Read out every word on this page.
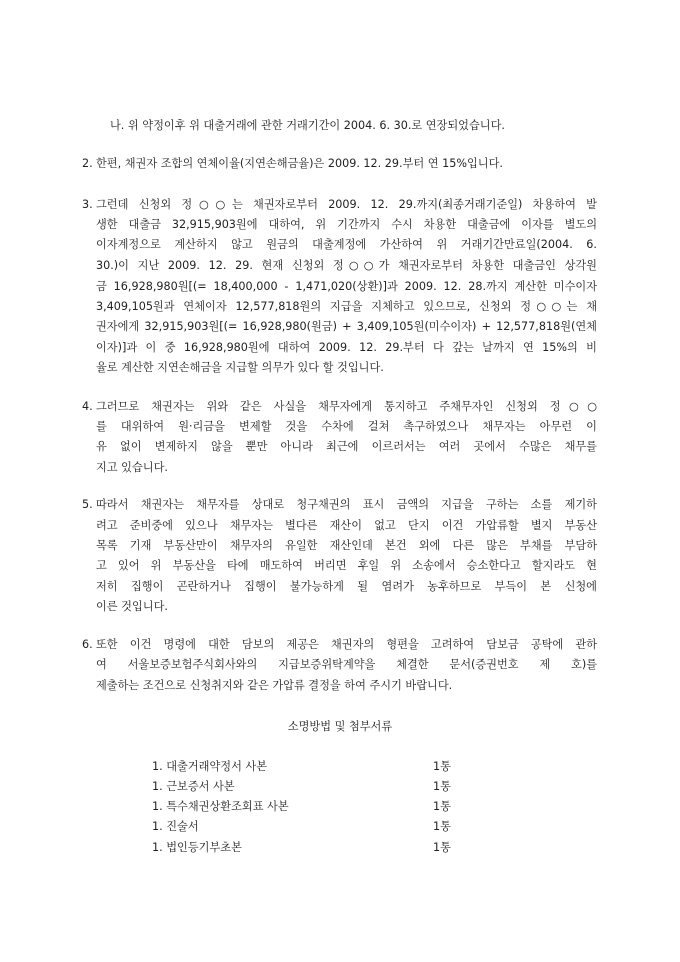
나. 위 약정이후 위 대출거래에 관한 거래기간이 2004. 6. 30.로 연장되었습니다.
2. 한편, 채권자 조합의 연체이율(지연손해금율)은 2009. 12. 29.부터 연 15%입니다.
3. 그런데 신청외 정○○는 채권자로부터 2009. 12. 29.까지(최종거래기준일) 차용하여 발
생한 대출금 32,915,903원에 대하여, 위 기간까지 수시 차용한 대출금에 이자를 별도의
이자계정으로 계산하지 않고 원금의 대출계정에 가산하여 위 거래기간만료일(2004. 6.
30.)이 지난 2009. 12. 29. 현재 신청외 정○○가 채권자로부터 차용한 대출금인 상각원
금 16,928,980원[(= 18,400,000 - 1,471,020(상환)]과 2009. 12. 28.까지 계산한 미수이자
3,409,105원과 연체이자 12,577,818원의 지급을 지체하고 있으므로, 신청외 정○○는 채
권자에게 32,915,903원[(= 16,928,980(원금) + 3,409,105원(미수이자) + 12,577,818원(연체
이자)]과 이 중 16,928,980원에 대하여 2009. 12. 29.부터 다 갚는 날까지 연 15%의 비
율로 계산한 지연손해금을 지급할 의무가 있다 할 것입니다.
4. 그러므로 채권자는 위와 같은 사실을 채무자에게 통지하고 주채무자인 신청외 정○○
를 대위하여 원·리금을 변제할 것을 수차에 걸쳐 촉구하였으나 채무자는 아무런 이
유 없이 변제하지 않을 뿐만 아니라 최근에 이르러서는 여러 곳에서 수많은 채무를
지고 있습니다.
5. 따라서 채권자는 채무자를 상대로 청구채권의 표시 금액의 지급을 구하는 소를 제기하
려고 준비중에 있으나 채무자는 별다른 재산이 없고 단지 이건 가압류할 별지 부동산
목록 기재 부동산만이 채무자의 유일한 재산인데 본건 외에 다른 많은 부채를 부담하
고 있어 위 부동산을 타에 매도하여 버리면 후일 위 소송에서 승소한다고 할지라도 현
저히 집행이 곤란하거나 집행이 불가능하게 될 염려가 농후하므로 부득이 본 신청에
이른 것입니다.
6. 또한 이건 명령에 대한 담보의 제공은 채권자의 형편을 고려하여 담보금 공탁에 관하
여 서울보증보험주식회사와의 지급보증위탁계약을 체결한 문서(증권번호 제 호)를
제출하는 조건으로 신청취지와 같은 가압류 결정을 하여 주시기 바랍니다.
소명방법 및 첨부서류
1. 대출거래약정서 사본	1통
1. 근보증서 사본	1통
1. 특수채권상환조회표 사본	1통
1. 진술서	1통
1. 법인등기부초본	1통
